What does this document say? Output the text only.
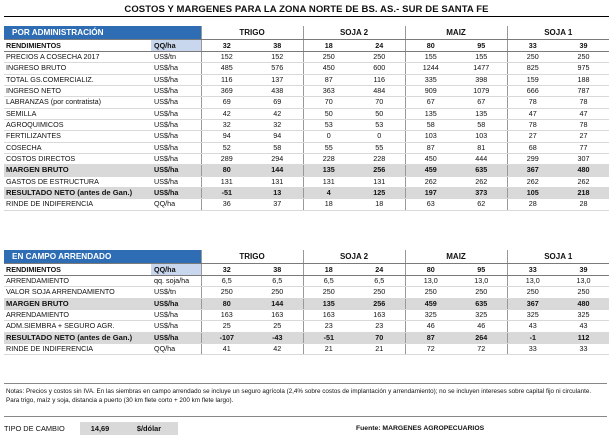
COSTOS Y MARGENES PARA LA ZONA NORTE DE BS. AS.- SUR DE SANTA FE
POR ADMINISTRACIÓN		TRIGO		SOJA 2		MAIZ		SOJA 1	
RENDIMIENTOS	QQ/ha	32	38	18	24	80	95	33	39
PRECIOS A COSECHA 2017	US$/tn	152	152	250	250	155	155	250	250
INGRESO BRUTO	US$/ha	485	576	450	600	1244	1477	825	975
TOTAL GS.COMERCIALIZ.	US$/ha	116	137	87	116	335	398	159	188
INGRESO NETO	US$/ha	369	438	363	484	909	1079	666	787
LABRANZAS (por contratista)	US$/ha	69	69	70	70	67	67	78	78
SEMILLA	US$/ha	42	42	50	50	135	135	47	47
AGROQUIMICOS	US$/ha	32	32	53	53	58	58	78	78
FERTILIZANTES	US$/ha	94	94	0	0	103	103	27	27
COSECHA	US$/ha	52	58	55	55	87	81	68	77
COSTOS DIRECTOS	US$/ha	289	294	228	228	450	444	299	307
MARGEN BRUTO	US$/ha	80	144	135	256	459	635	367	480
GASTOS DE ESTRUCTURA	US$/ha	131	131	131	131	262	262	262	262
RESULTADO NETO (antes de Gan.)	US$/ha	-51	13	4	125	197	373	105	218
RINDE DE INDIFERENCIA	QQ/ha	36	37	18	18	63	62	28	28
EN CAMPO ARRENDADO		TRIGO		SOJA 2		MAIZ		SOJA 1	
RENDIMIENTOS	QQ/ha	32	38	18	24	80	95	33	39
ARRENDAMIENTO	qq. soja/ha	6,5	6,5	6,5	6,5	13,0	13,0	13,0	13,0
VALOR SOJA ARRENDAMIENTO	US$/tn	250	250	250	250	250	250	250	250
MARGEN BRUTO	US$/ha	80	144	135	256	459	635	367	480
ARRENDAMIENTO	US$/ha	163	163	163	163	325	325	325	325
ADM.SIEMBRA + SEGURO AGR.	US$/ha	25	25	23	23	46	46	43	43
RESULTADO NETO (antes de Gan.)	US$/ha	-107	-43	-51	70	87	264	-1	112
RINDE DE INDIFERENCIA	QQ/ha	41	42	21	21	72	72	33	33
Notas: Precios y costos sin IVA. En las siembras en campo arrendado se incluye un seguro agrícola (2,4% sobre costos de implantación y arrendamiento); no se incluyen intereses sobre capital fijo ni circulante. Para trigo, maíz y soja, distancia a puerto (30 km flete corto + 200 km flete largo).
TIPO DE CAMBIO	14,69	$/dólar	Fuente: MARGENES AGROPECUARIOS
